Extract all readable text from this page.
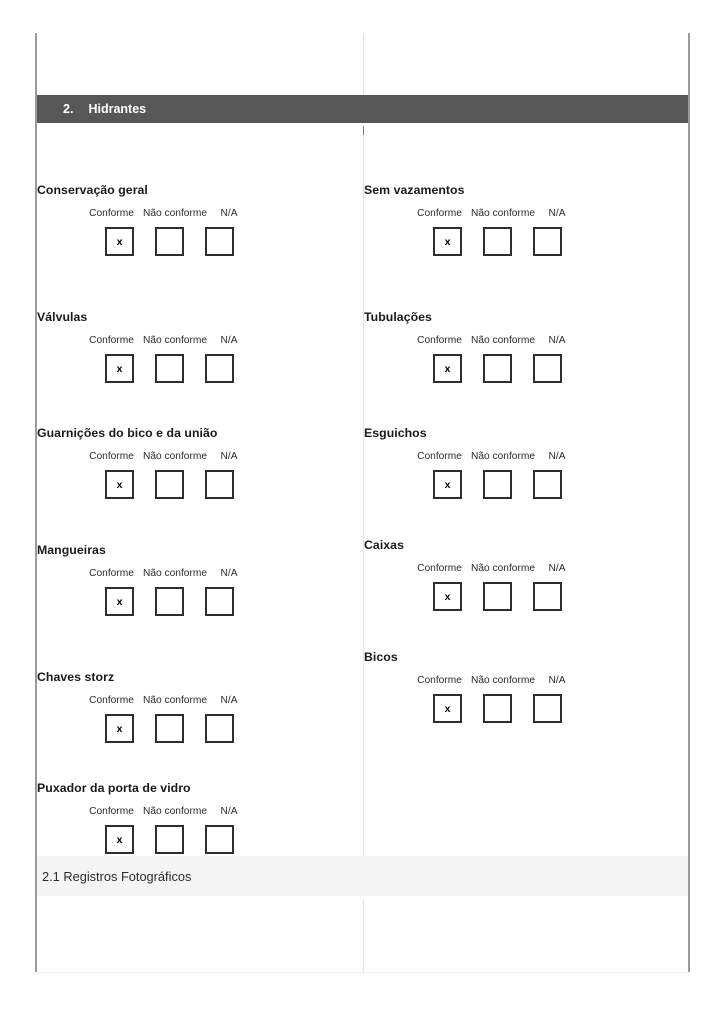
2. Hidrantes
Conservação geral
Conforme Não conforme	N/A
x
Válvulas
Conforme Não conforme	N/A
x
Guarnições do bico e da união
Conforme Não conforme	N/A
x
Mangueiras
Conforme Não conforme	N/A
x
Chaves storz
Conforme Não conforme	N/A
x
Puxador da porta de vidro
Conforme Não conforme	N/A
x
Sem vazamentos
Conforme Não conforme	N/A
x
Tubulações
Conforme Não conforme	N/A
x
Esguichos
Conforme Não conforme	N/A
x
Caixas
Conforme Não conforme	N/A
x
Bicos
Conforme Não conforme	N/A
x
2.1 Registros Fotográficos
